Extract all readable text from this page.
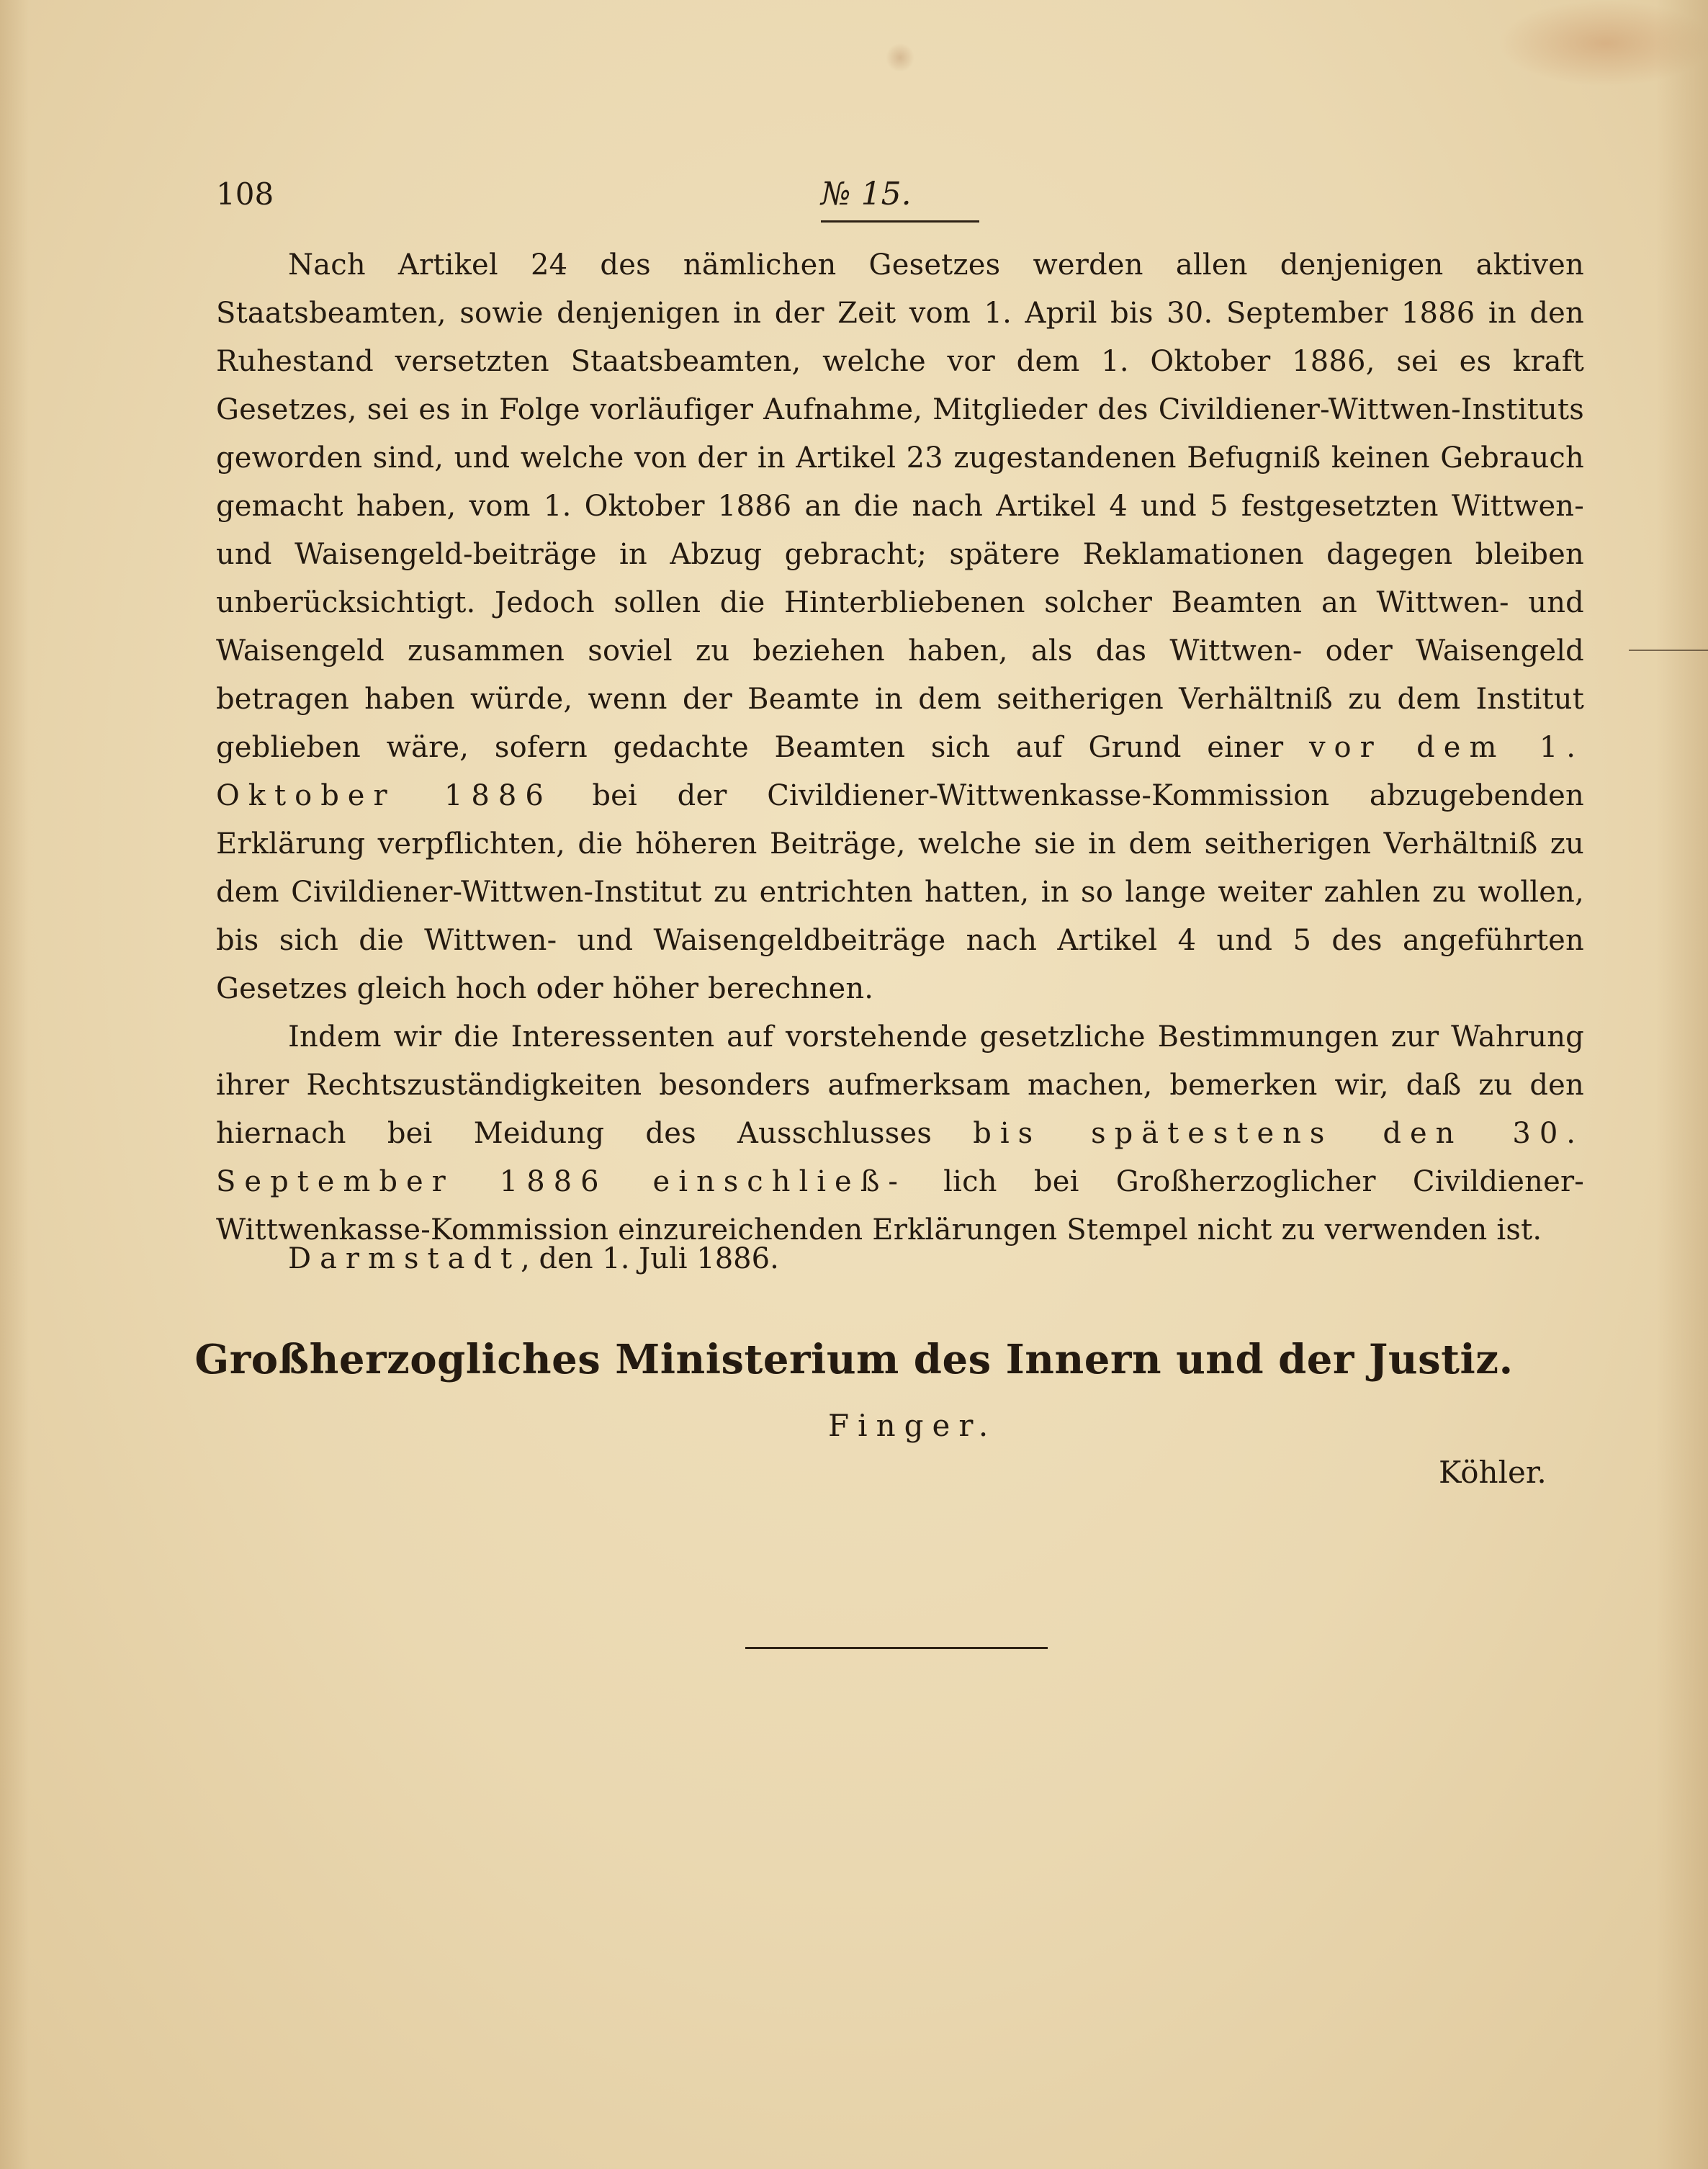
108	№ 15.

Nach Artikel 24 des nämlichen Gesetzes werden allen denjenigen aktiven Staatsbeamten, sowie denjenigen in der Zeit vom 1. April bis 30. September 1886 in den Ruhestand versetzten Staatsbeamten, welche vor dem 1. Oktober 1886, sei es kraft Gesetzes, sei es in Folge vorläufiger Aufnahme, Mitglieder des Civildiener-Wittwen-Instituts geworden sind, und welche von der in Artikel 23 zugestandenen Befugniß keinen Gebrauch gemacht haben, vom 1. Oktober 1886 an die nach Artikel 4 und 5 festgesetzten Wittwen- und Waisengeld-beiträge in Abzug gebracht; spätere Reklamationen dagegen bleiben unberücksichtigt. Jedoch sollen die Hinterbliebenen solcher Beamten an Wittwen- und Waisengeld zusammen soviel zu beziehen haben, als das Wittwen- oder Waisengeld betragen haben würde, wenn der Beamte in dem seitherigen Verhältniß zu dem Institut geblieben wäre, sofern gedachte Beamten sich auf Grund einer vor dem 1. Oktober 1886 bei der Civildiener-Wittwenkasse-Kommission abzugebenden Erklärung verpflichten, die höheren Beiträge, welche sie in dem seitherigen Verhältniß zu dem Civildiener-Wittwen-Institut zu entrichten hatten, in so lange weiter zahlen zu wollen, bis sich die Wittwen- und Waisengeldbeiträge nach Artikel 4 und 5 des angeführten Gesetzes gleich hoch oder höher berechnen.

Indem wir die Interessenten auf vorstehende gesetzliche Bestimmungen zur Wahrung ihrer Rechtszuständigkeiten besonders aufmerksam machen, bemerken wir, daß zu den hiernach bei Meidung des Ausschlusses bis spätestens den 30. September 1886 einschließ- lich bei Großherzoglicher Civildiener-Wittwenkasse-Kommission einzureichenden Erklärungen Stempel nicht zu verwenden ist.

Darmstadt, den 1. Juli 1886.
Großherzogliches Ministerium des Innern und der Justiz.
Finger.
Köhler.
